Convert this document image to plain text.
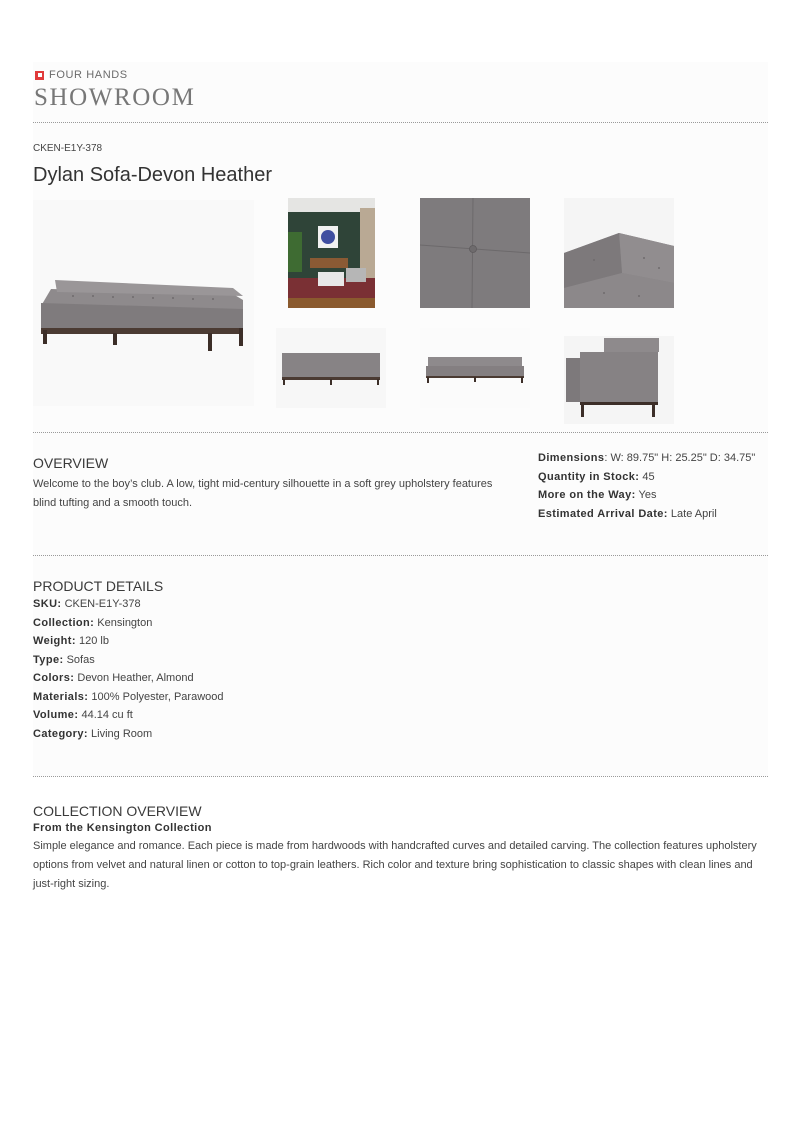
FOUR HANDS
SHOWROOM
CKEN-E1Y-378
Dylan Sofa-Devon Heather
OVERVIEW
Welcome to the boy’s club. A low, tight mid-century silhouette in a soft grey upholstery features blind tufting and a smooth touch.
Dimensions: W: 89.75" H: 25.25" D: 34.75"
Quantity in Stock: 45
More on the Way: Yes
Estimated Arrival Date: Late April
PRODUCT DETAILS
SKU: CKEN-E1Y-378
Collection: Kensington
Weight: 120 lb
Type: Sofas
Colors: Devon Heather, Almond
Materials: 100% Polyester, Parawood
Volume: 44.14 cu ft
Category: Living Room
COLLECTION OVERVIEW
From the Kensington Collection
Simple elegance and romance. Each piece is made from hardwoods with handcrafted curves and detailed carving. The collection features upholstery options from velvet and natural linen or cotton to top-grain leathers. Rich color and texture bring sophistication to classic shapes with clean lines and just-right sizing.
